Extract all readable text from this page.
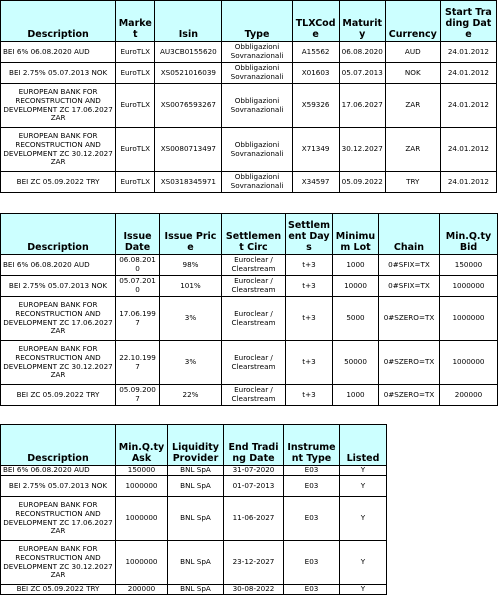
Description	Market	Isin	Type	TLXCode	Maturity	Currency	Start Trading Date
BEI 6% 06.08.2020 AUD	EuroTLX	AU3CB0155620	Obbligazioni Sovranazionali	A15562	06.08.2020	AUD	24.01.2012
BEI 2.75% 05.07.2013 NOK	EuroTLX	XS0521016039	Obbligazioni Sovranazionali	X01603	05.07.2013	NOK	24.01.2012
EUROPEAN BANK FOR RECONSTRUCTION AND DEVELOPMENT ZC 17.06.2027 ZAR	EuroTLX	XS0076593267	Obbligazioni Sovranazionali	X59326	17.06.2027	ZAR	24.01.2012
EUROPEAN BANK FOR RECONSTRUCTION AND DEVELOPMENT ZC 30.12.2027 ZAR	EuroTLX	XS0080713497	Obbligazioni Sovranazionali	X71349	30.12.2027	ZAR	24.01.2012
BEI ZC 05.09.2022 TRY	EuroTLX	XS0318345971	Obbligazioni Sovranazionali	X34597	05.09.2022	TRY	24.01.2012
Description	Issue Date	Issue Price	Settlement Circ	Settlement Days	Minimum Lot	Chain	Min.Q.ty Bid
BEI 6% 06.08.2020 AUD	06.08.2010	98%	Euroclear / Clearstream	t+3	1000	0#SFIX=TX	150000
BEI 2.75% 05.07.2013 NOK	05.07.2010	101%	Euroclear / Clearstream	t+3	10000	0#SFIX=TX	1000000
EUROPEAN BANK FOR RECONSTRUCTION AND DEVELOPMENT ZC 17.06.2027 ZAR	17.06.1997	3%	Euroclear / Clearstream	t+3	5000	0#SZERO=TX	1000000
EUROPEAN BANK FOR RECONSTRUCTION AND DEVELOPMENT ZC 30.12.2027 ZAR	22.10.1997	3%	Euroclear / Clearstream	t+3	50000	0#SZERO=TX	1000000
BEI ZC 05.09.2022 TRY	05.09.2007	22%	Euroclear / Clearstream	t+3	1000	0#SZERO=TX	200000
Description	Min.Q.ty Ask	Liquidity Provider	End Trading Date	Instrument Type	Listed
BEI 6% 06.08.2020 AUD	150000	BNL SpA	31-07-2020	E03	Y
BEI 2.75% 05.07.2013 NOK	1000000	BNL SpA	01-07-2013	E03	Y
EUROPEAN BANK FOR RECONSTRUCTION AND DEVELOPMENT ZC 17.06.2027 ZAR	1000000	BNL SpA	11-06-2027	E03	Y
EUROPEAN BANK FOR RECONSTRUCTION AND DEVELOPMENT ZC 30.12.2027 ZAR	1000000	BNL SpA	23-12-2027	E03	Y
BEI ZC 05.09.2022 TRY	200000	BNL SpA	30-08-2022	E03	Y
